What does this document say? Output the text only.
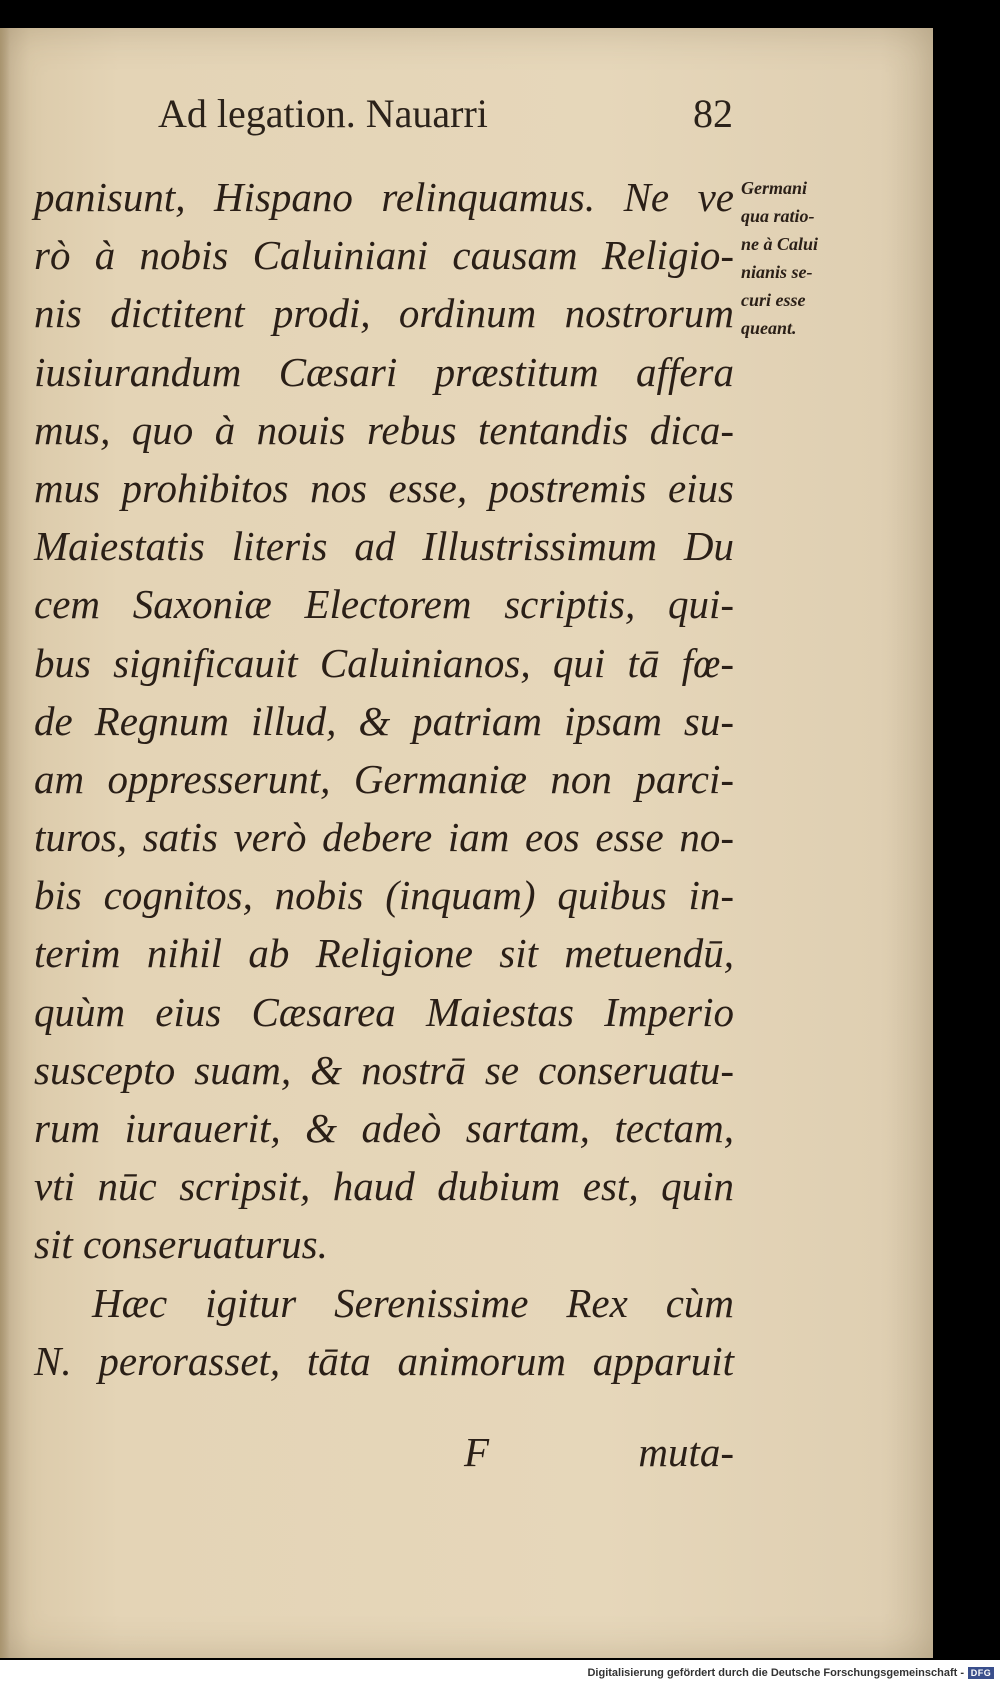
Ad legation. Nauarri	82
panisunt, Hispano relinquamus. Ne ve
rò à nobis Caluiniani causam Religio-
nis dictitent prodi, ordinum nostrorum
iusiurandum Cæsari præstitum affera
mus, quo à nouis rebus tentandis dica-
mus prohibitos nos esse, postremis eius
Maiestatis literis ad Illustrissimum Du
cem Saxoniæ Electorem scriptis, qui-
bus significauit Caluinianos, qui tā fœ-
de Regnum illud, & patriam ipsam su-
am oppresserunt, Germaniæ non parci-
turos, satis verò debere iam eos esse no-
bis cognitos, nobis (inquam) quibus in-
terim nihil ab Religione sit metuendū,
quùm eius Cæsarea Maiestas Imperio
suscepto suam, & nostrā se conseruatu-
rum iurauerit, & adeò sartam, tectam,
vti nūc scripsit, haud dubium est, quin
sit conseruaturus.
Hæc igitur Serenissime Rex cùm
N. perorasset, tāta animorum apparuit
F	muta-
Germani
qua ratio-
ne à Calui
nianis se-
curi esse
queant.
Digitalisierung gefördert durch die Deutsche Forschungsgemeinschaft - DFG
